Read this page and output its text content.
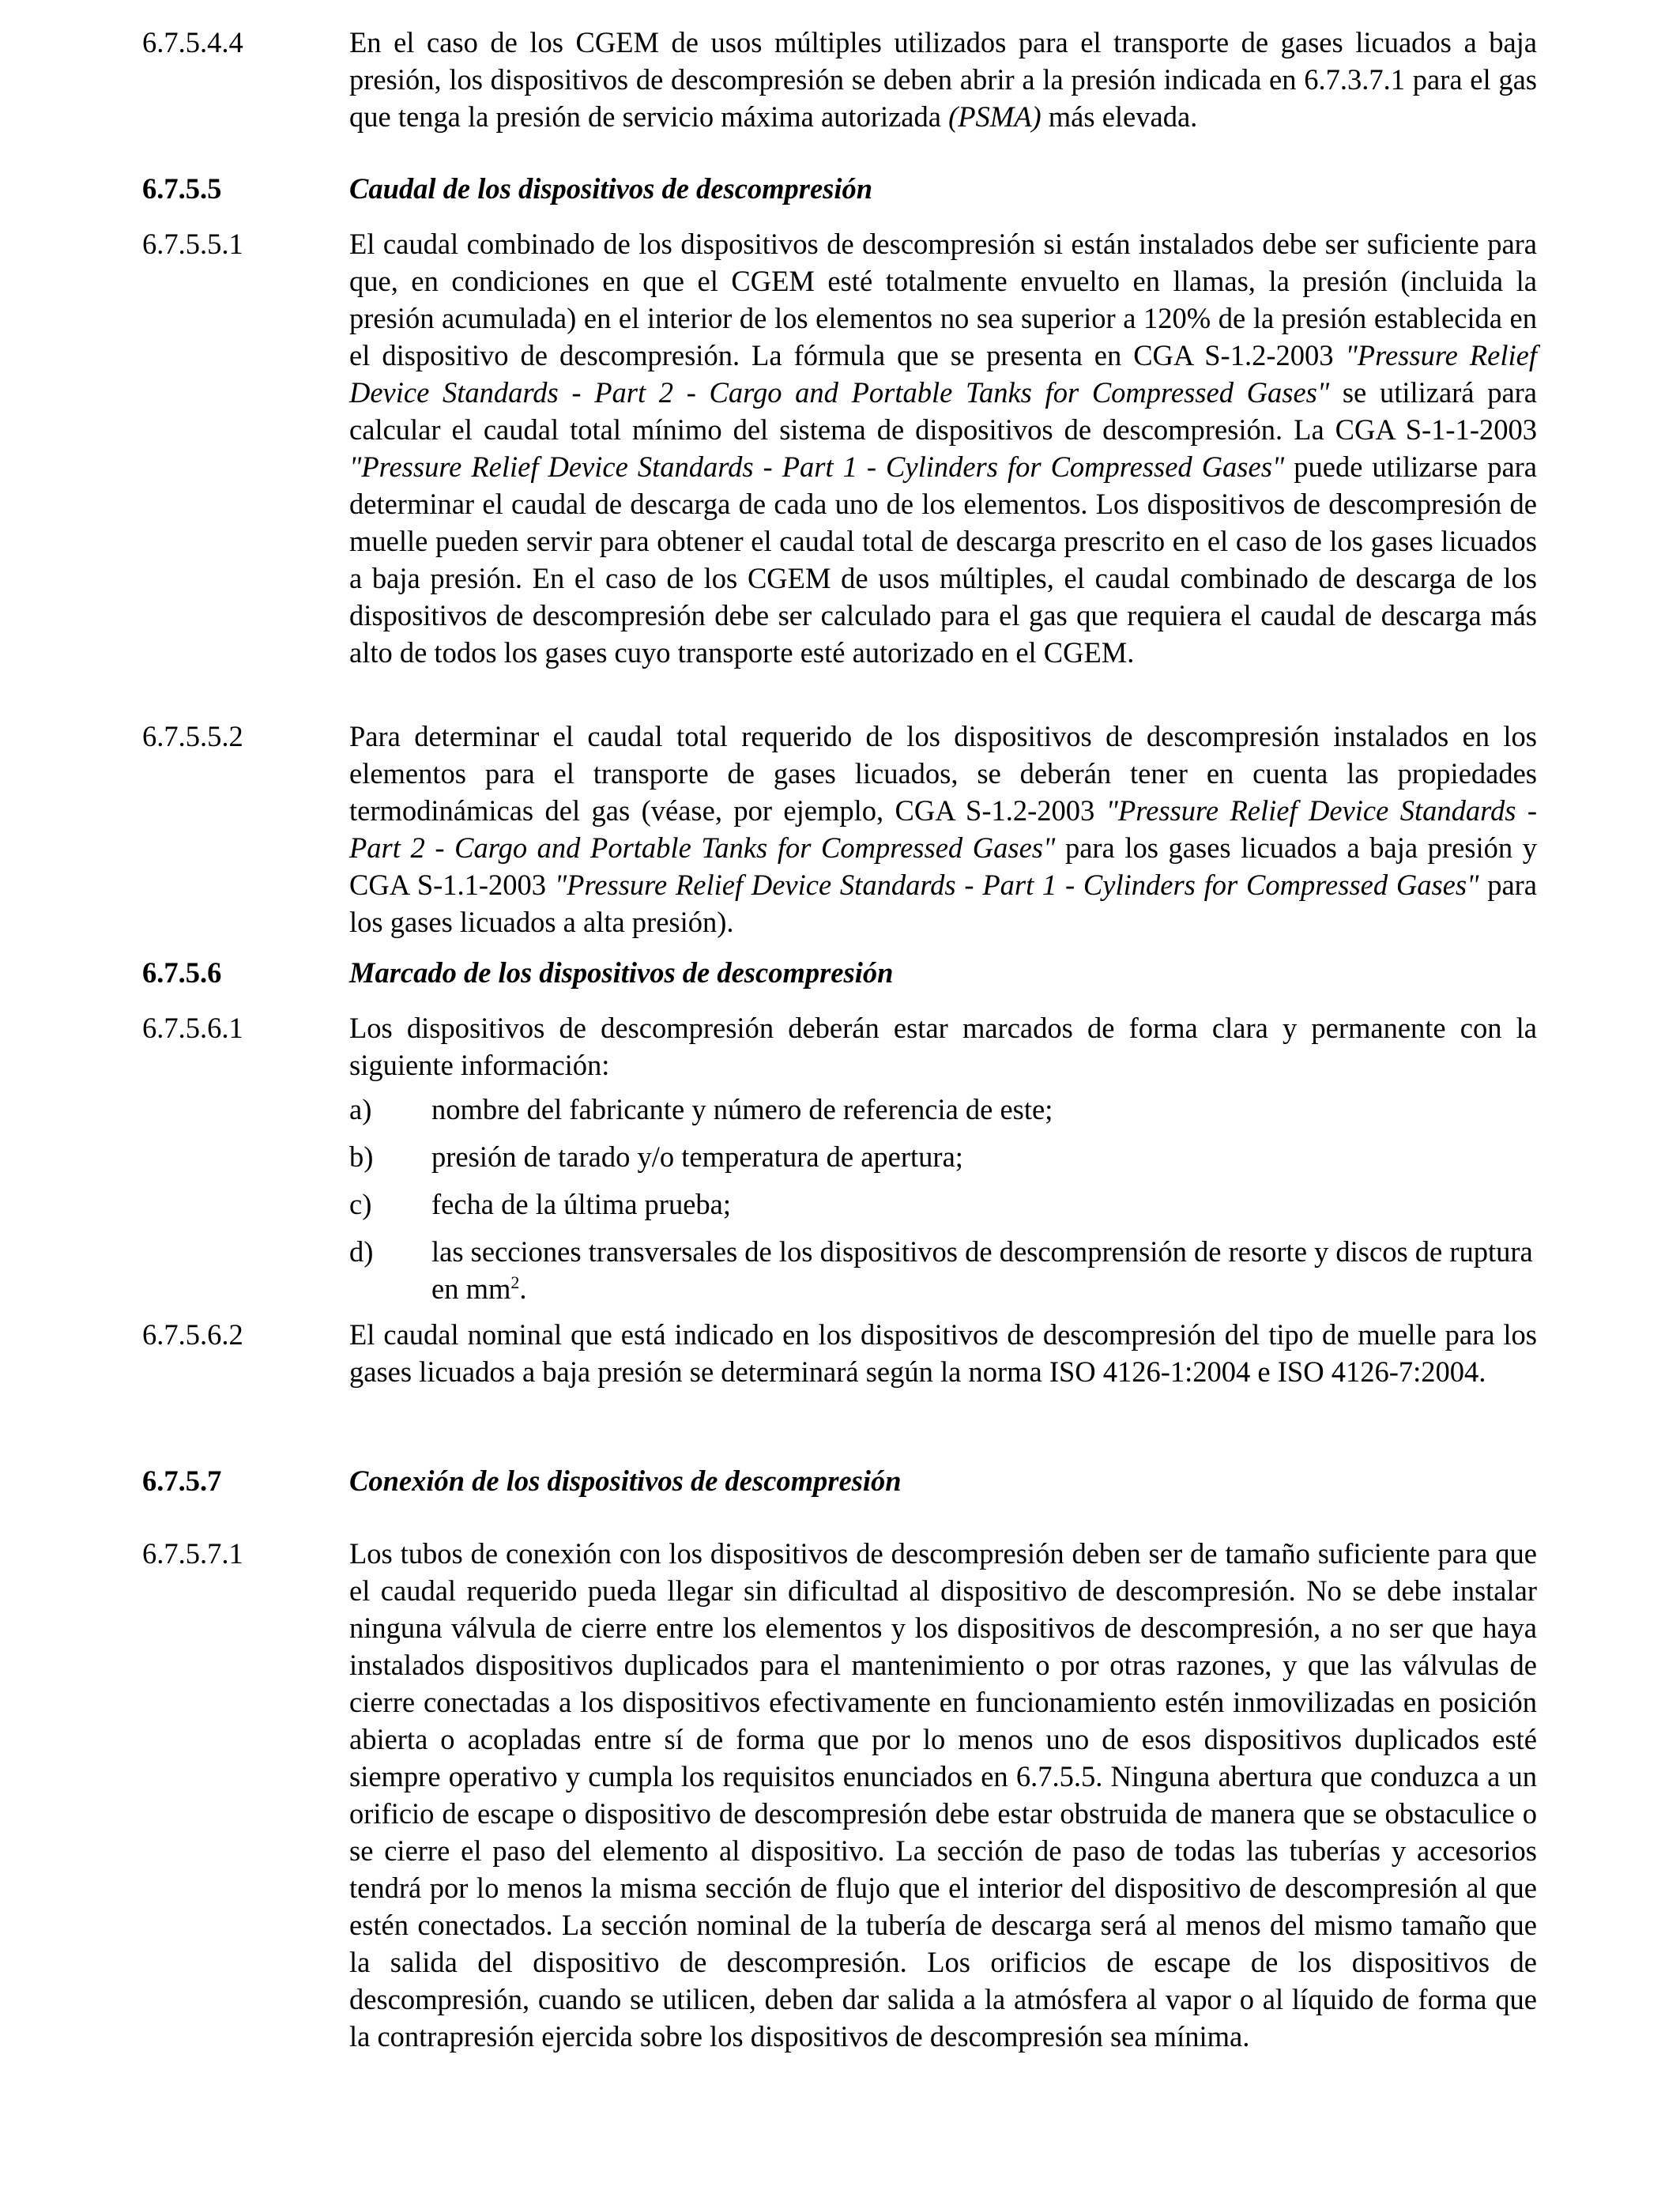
6.7.5.4.4	En el caso de los CGEM de usos múltiples utilizados para el transporte de gases licuados a baja presión, los dispositivos de descompresión se deben abrir a la presión indicada en 6.7.3.7.1 para el gas que tenga la presión de servicio máxima autorizada (PSMA) más elevada.
6.7.5.5	Caudal de los dispositivos de descompresión
6.7.5.5.1	El caudal combinado de los dispositivos de descompresión si están instalados debe ser suficiente para que, en condiciones en que el CGEM esté totalmente envuelto en llamas, la presión (incluida la presión acumulada) en el interior de los elementos no sea superior a 120% de la presión establecida en el dispositivo de descompresión. La fórmula que se presenta en CGA S-1.2-2003 "Pressure Relief Device Standards - Part 2 - Cargo and Portable Tanks for Compressed Gases" se utilizará para calcular el caudal total mínimo del sistema de dispositivos de descompresión. La CGA S-1-1-2003 "Pressure Relief Device Standards - Part 1 - Cylinders for Compressed Gases" puede utilizarse para determinar el caudal de descarga de cada uno de los elementos. Los dispositivos de descompresión de muelle pueden servir para obtener el caudal total de descarga prescrito en el caso de los gases licuados a baja presión. En el caso de los CGEM de usos múltiples, el caudal combinado de descarga de los dispositivos de descompresión debe ser calculado para el gas que requiera el caudal de descarga más alto de todos los gases cuyo transporte esté autorizado en el CGEM.
6.7.5.5.2	Para determinar el caudal total requerido de los dispositivos de descompresión instalados en los elementos para el transporte de gases licuados, se deberán tener en cuenta las propiedades termodinámicas del gas (véase, por ejemplo, CGA S-1.2-2003 "Pressure Relief Device Standards - Part 2 - Cargo and Portable Tanks for Compressed Gases" para los gases licuados a baja presión y CGA S-1.1-2003 "Pressure Relief Device Standards - Part 1 - Cylinders for Compressed Gases" para los gases licuados a alta presión).
6.7.5.6	Marcado de los dispositivos de descompresión
6.7.5.6.1	Los dispositivos de descompresión deberán estar marcados de forma clara y permanente con la siguiente información:
a)	nombre del fabricante y número de referencia de este;
b)	presión de tarado y/o temperatura de apertura;
c)	fecha de la última prueba;
d)	las secciones transversales de los dispositivos de descomprensión de resorte y discos de ruptura en $mm^2$.
6.7.5.6.2	El caudal nominal que está indicado en los dispositivos de descompresión del tipo de muelle para los gases licuados a baja presión se determinará según la norma ISO 4126-1:2004 e ISO 4126-7:2004.
6.7.5.7	Conexión de los dispositivos de descompresión
6.7.5.7.1	Los tubos de conexión con los dispositivos de descompresión deben ser de tamaño suficiente para que el caudal requerido pueda llegar sin dificultad al dispositivo de descompresión. No se debe instalar ninguna válvula de cierre entre los elementos y los dispositivos de descompresión, a no ser que haya instalados dispositivos duplicados para el mantenimiento o por otras razones, y que las válvulas de cierre conectadas a los dispositivos efectivamente en funcionamiento estén inmovilizadas en posición abierta o acopladas entre sí de forma que por lo menos uno de esos dispositivos duplicados esté siempre operativo y cumpla los requisitos enunciados en 6.7.5.5. Ninguna abertura que conduzca a un orificio de escape o dispositivo de descompresión debe estar obstruida de manera que se obstaculice o se cierre el paso del elemento al dispositivo. La sección de paso de todas las tuberías y accesorios tendrá por lo menos la misma sección de flujo que el interior del dispositivo de descompresión al que estén conectados. La sección nominal de la tubería de descarga será al menos del mismo tamaño que la salida del dispositivo de descompresión. Los orificios de escape de los dispositivos de descompresión, cuando se utilicen, deben dar salida a la atmósfera al vapor o al líquido de forma que la contrapresión ejercida sobre los dispositivos de descompresión sea mínima.
